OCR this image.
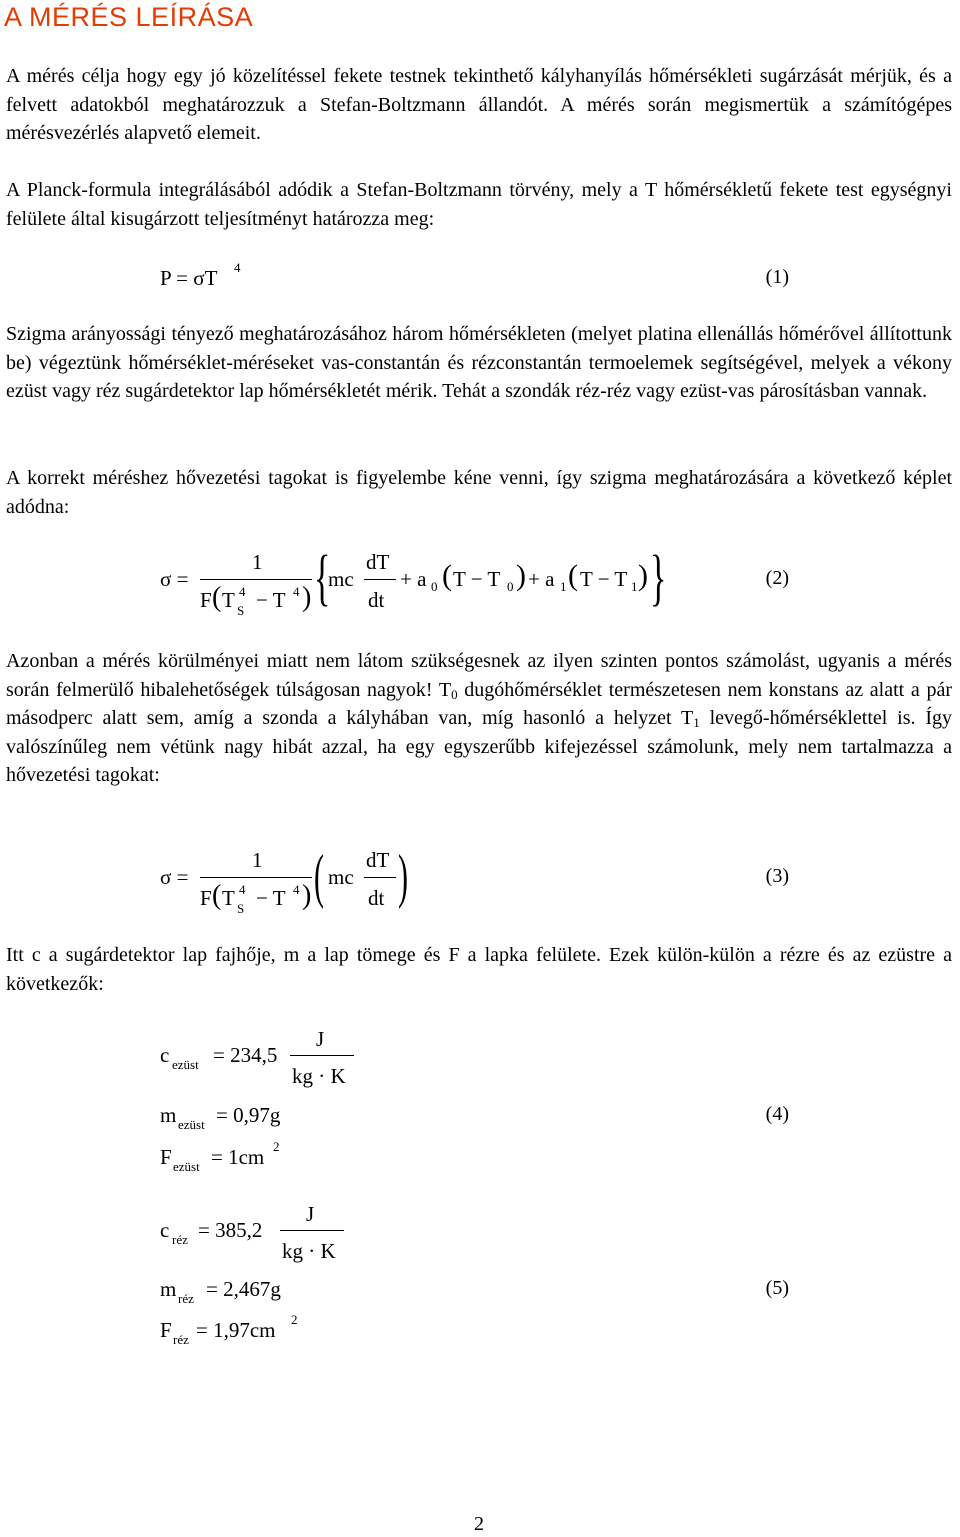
A MÉRÉS LEÍRÁSA

A mérés célja hogy egy jó közelítéssel fekete testnek tekinthető kályhanyílás hőmérsékleti sugárzását mérjük, és a felvett adatokból meghatározzuk a Stefan-Boltzmann állandót. A mérés során megismertük a számítógépes mérésvezérlés alapvető elemeit.

A Planck-formula integrálásából adódik a Stefan-Boltzmann törvény, mely a T hőmérsékletű fekete test egységnyi felülete által kisugárzott teljesítményt határozza meg:

P = σT 4	(1)

Szigma arányossági tényező meghatározásához három hőmérsékleten (melyet platina ellenállás hőmérővel állítottunk be) végeztünk hőmérséklet-méréseket vas-constantán és rézconstantán termoelemek segítségével, melyek a vékony ezüst vagy réz sugárdetektor lap hőmérsékletét mérik. Tehát a szondák réz-réz vagy ezüst-vas párosításban vannak.

A korrekt méréshez hővezetési tagokat is figyelembe kéne venni, így szigma meghatározására a következő képlet adódna:

σ =
1
F ( T 4
S − T 4 ) {
mc
dT
dt
+ a 0 ( T − T 0 ) + a 1 ( T − T 1 ) }	(2)

Azonban a mérés körülményei miatt nem látom szükségesnek az ilyen szinten pontos számolást, ugyanis a mérés során felmerülő hibalehetőségek túlságosan nagyok! $T_0$ dugóhőmérséklet természetesen nem konstans az alatt a pár másodperc alatt sem, amíg a szonda a kályhában van, míg hasonló a helyzet $T_1$ levegő-hőmérséklettel is. Így valószínűleg nem vétünk nagy hibát azzal, ha egy egyszerűbb kifejezéssel számolunk, mely nem tartalmazza a hővezetési tagokat:

σ =
1
F ( T 4
S − T 4 ) ( mc
dT
dt )	(3)

Itt c a sugárdetektor lap fajhője, m a lap tömege és F a lapka felülete. Ezek külön-külön a rézre és az ezüstre a következők:

c ezüst = 234,5
J
kg · K
m ezüst = 0,97g	(4)
F ezüst = 1cm 2
c réz = 385,2
J
kg · K
m réz = 2,467g	(5)
F réz = 1,97cm 2
2
